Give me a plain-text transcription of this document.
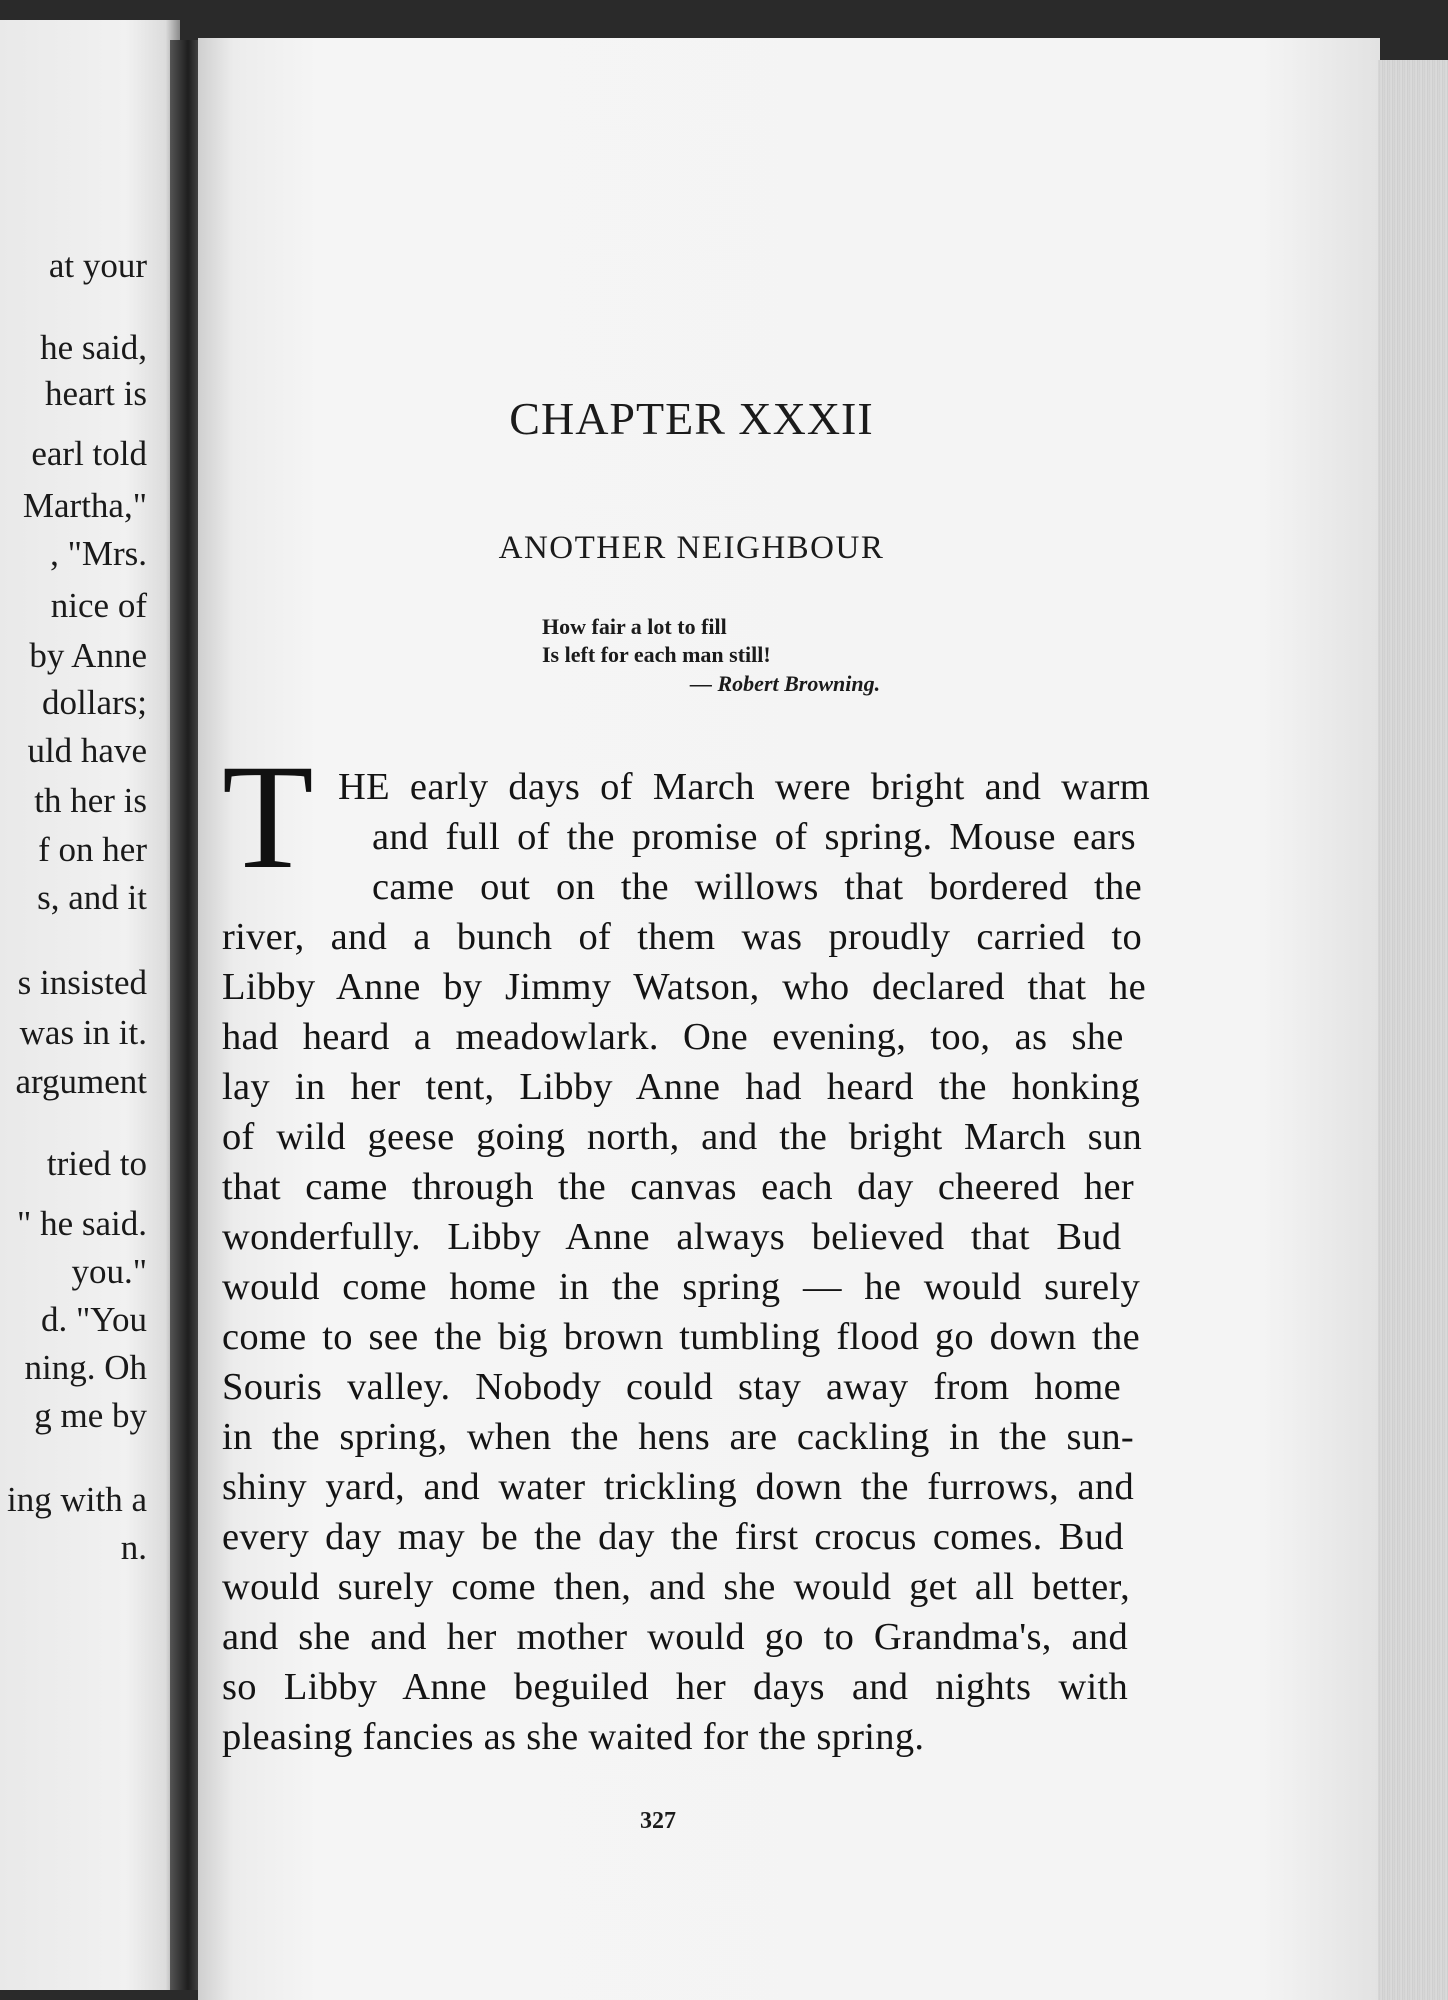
at your
he said,
heart is
earl told
Martha,"
, "Mrs.
nice of
by Anne
dollars;
uld have
th her is
f on her
s, and it
s insisted
was in it.
argument
tried to
" he said.
you."
d. "You
ning. Oh
g me by
ing with a
n.
CHAPTER XXXII
ANOTHER NEIGHBOUR
How fair a lot to fill
Is left for each man still!
— Robert Browning.
T HE early days of March were bright and warm
and full of the promise of spring. Mouse ears
came out on the willows that bordered the
river, and a bunch of them was proudly carried to
Libby Anne by Jimmy Watson, who declared that he
had heard a meadowlark. One evening, too, as she
lay in her tent, Libby Anne had heard the honking
of wild geese going north, and the bright March sun
that came through the canvas each day cheered her
wonderfully. Libby Anne always believed that Bud
would come home in the spring — he would surely
come to see the big brown tumbling flood go down the
Souris valley. Nobody could stay away from home
in the spring, when the hens are cackling in the sun-
shiny yard, and water trickling down the furrows, and
every day may be the day the first crocus comes. Bud
would surely come then, and she would get all better,
and she and her mother would go to Grandma's, and
so Libby Anne beguiled her days and nights with
pleasing fancies as she waited for the spring.
327
